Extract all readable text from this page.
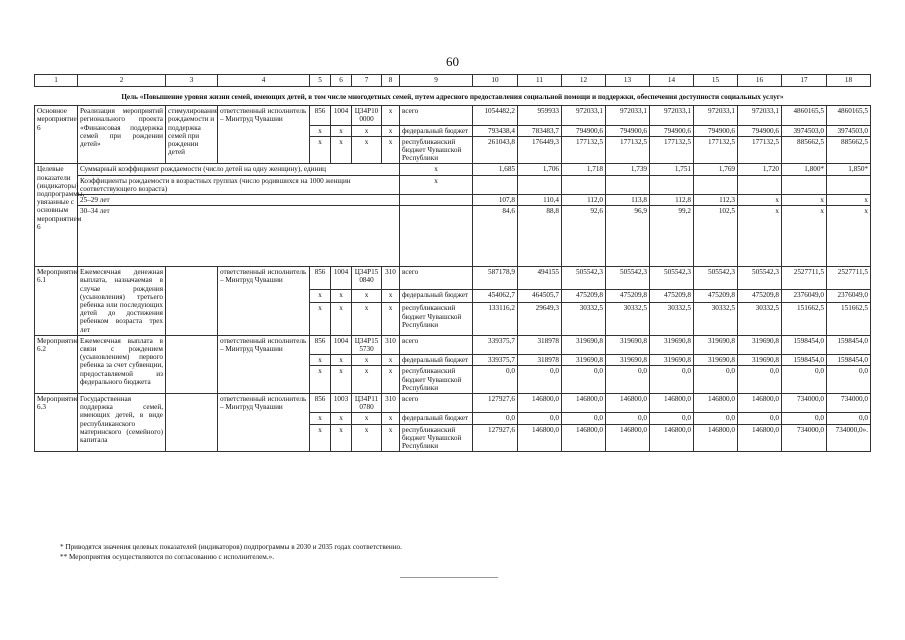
60
1	2	3	4	5	6	7	8	9	10	11	12	13	14	15	16	17	18
Цель «Повышение уровня жизни семей, имеющих детей, в том числе многодетных семей, путем адресного предоставления социальной помощи и поддержки, обеспечения доступности социальных услуг»																	
Основное мероприятие 6	Реализация мероприятий регионального проекта «Финансовая поддержка семей при рождении детей»	стимулирование рождаемости и поддержка семей при рождении детей	ответственный исполнитель – Минтруд Чувашии	856	1004	Ц34Р10 0000	x	всего	1054482,2	959933	972033,1	972033,1	972033,1	972033,1	972033,1	4860165,5	4860165,5
				x	x	x	x	федеральный бюджет	793438,4	783483,7	794900,6	794900,6	794900,6	794900,6	794900,6	3974503,0	3974503,0
				x	x	x	x	республиканский бюджет Чувашской Республики	261043,8	176449,3	177132,5	177132,5	177132,5	177132,5	177132,5	885662,5	885662,5
Целевые показатели (индикаторы) подпрограммы, увязанные с основным мероприятием 6	Суммарный коэффициент рождаемости (число детей на одну женщину), единиц							x	1,685	1,706	1,718	1,739	1,751	1,769	1,720	1,800*	1,850*
	Коэффициенты рождаемости в возрастных группах (число родившихся на 1000 женщин соответствующего возраста)							x									
	25–29 лет								107,8	110,4	112,0	113,8	112,8	112,3	x	x	x
	30–34 лет								84,6	88,8	92,6	96,9	99,2	102,5	x	x	x
Мероприятие 6.1	Ежемесячная денежная выплата, назначаемая в случае рождения (усыновления) третьего ребенка или последующих детей до достижения ребенком возраста трех лет		ответственный исполнитель – Минтруд Чувашии	856	1004	Ц34Р15 0840	310	всего	587178,9	494155	505542,3	505542,3	505542,3	505542,3	505542,3	2527711,5	2527711,5
				x	x	x	x	федеральный бюджет	454062,7	464505,7	475209,8	475209,8	475209,8	475209,8	475209,8	2376049,0	2376049,0
				x	x	x	x	республиканский бюджет Чувашской Республики	133116,2	29649,3	30332,5	30332,5	30332,5	30332,5	30332,5	151662,5	151662,5
Мероприятие 6.2	Ежемесячная выплата в связи с рождением (усыновлением) первого ребенка за счет субвенции, предоставляемой из федерального бюджета		ответственный исполнитель – Минтруд Чувашии	856	1004	Ц34Р15 5730	310	всего	339375,7	318978	319690,8	319690,8	319690,8	319690,8	319690,8	1598454,0	1598454,0
				x	x	x	x	федеральный бюджет	339375,7	318978	319690,8	319690,8	319690,8	319690,8	319690,8	1598454,0	1598454,0
				x	x	x	x	республиканский бюджет Чувашской Республики	0,0	0,0	0,0	0,0	0,0	0,0	0,0	0,0	0,0
Мероприятие 6.3	Государственная поддержка семей, имеющих детей, в виде республиканского материнского (семейного) капитала		ответственный исполнитель – Минтруд Чувашии	856	1003	Ц34Р11 0780	310	всего	127927,6	146800,0	146800,0	146800,0	146800,0	146800,0	146800,0	734000,0	734000,0
				x	x	x	x	федеральный бюджет	0,0	0,0	0,0	0,0	0,0	0,0	0,0	0,0	0,0
				x	x	x	x	республиканский бюджет Чувашской Республики	127927,6	146800,0	146800,0	146800,0	146800,0	146800,0	146800,0	734000,0	734000,0».
* Приводятся значения целевых показателей (индикаторов) подпрограммы в 2030 и 2035 годах соответственно.
** Мероприятия осуществляются по согласованию с исполнителем.».
